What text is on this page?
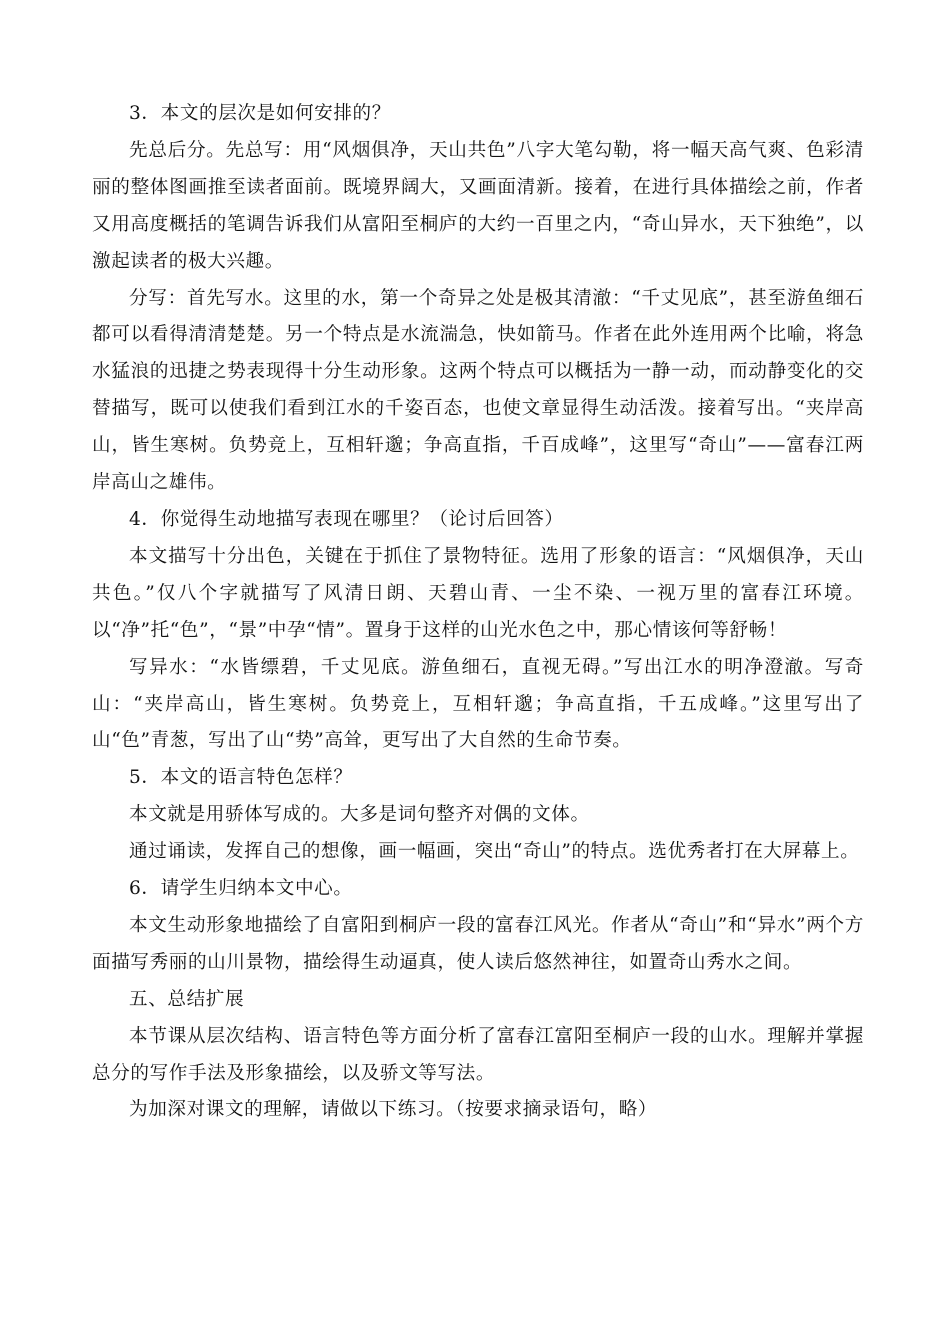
3．本文的层次是如何安排的？

先总后分。先总写：用“风烟俱净，天山共色”八字大笔勾勒，将一幅天高气爽、色彩清丽的整体图画推至读者面前。既境界阔大，又画面清新。接着，在进行具体描绘之前，作者又用高度概括的笔调告诉我们从富阳至桐庐的大约一百里之内，“奇山异水，天下独绝”，以激起读者的极大兴趣。

分写：首先写水。这里的水，第一个奇异之处是极其清澈：“千丈见底”，甚至游鱼细石都可以看得清清楚楚。另一个特点是水流湍急，快如箭马。作者在此外连用两个比喻，将急水猛浪的迅捷之势表现得十分生动形象。这两个特点可以概括为一静一动，而动静变化的交替描写，既可以使我们看到江水的千姿百态，也使文章显得生动活泼。接着写出。“夹岸高山，皆生寒树。负势竞上，互相轩邈；争高直指，千百成峰”，这里写“奇山”——富春江两岸高山之雄伟。

4．你觉得生动地描写表现在哪里？（论讨后回答）

本文描写十分出色，关键在于抓住了景物特征。选用了形象的语言：“风烟俱净，天山共色。”仅八个字就描写了风清日朗、天碧山青、一尘不染、一视万里的富春江环境。以“净”托“色”，“景”中孕“情”。置身于这样的山光水色之中，那心情该何等舒畅！

写异水：“水皆缥碧，千丈见底。游鱼细石，直视无碍。”写出江水的明净澄澈。写奇山：“夹岸高山，皆生寒树。负势竞上，互相轩邈；争高直指，千五成峰。”这里写出了山“色”青葱，写出了山“势”高耸，更写出了大自然的生命节奏。

5．本文的语言特色怎样？

本文就是用骄体写成的。大多是词句整齐对偶的文体。

通过诵读，发挥自己的想像，画一幅画，突出“奇山”的特点。选优秀者打在大屏幕上。

6．请学生归纳本文中心。

本文生动形象地描绘了自富阳到桐庐一段的富春江风光。作者从“奇山”和“异水”两个方面描写秀丽的山川景物，描绘得生动逼真，使人读后悠然神往，如置奇山秀水之间。

五、总结扩展

本节课从层次结构、语言特色等方面分析了富春江富阳至桐庐一段的山水。理解并掌握总分的写作手法及形象描绘，以及骄文等写法。

为加深对课文的理解，请做以下练习。（按要求摘录语句，略）
